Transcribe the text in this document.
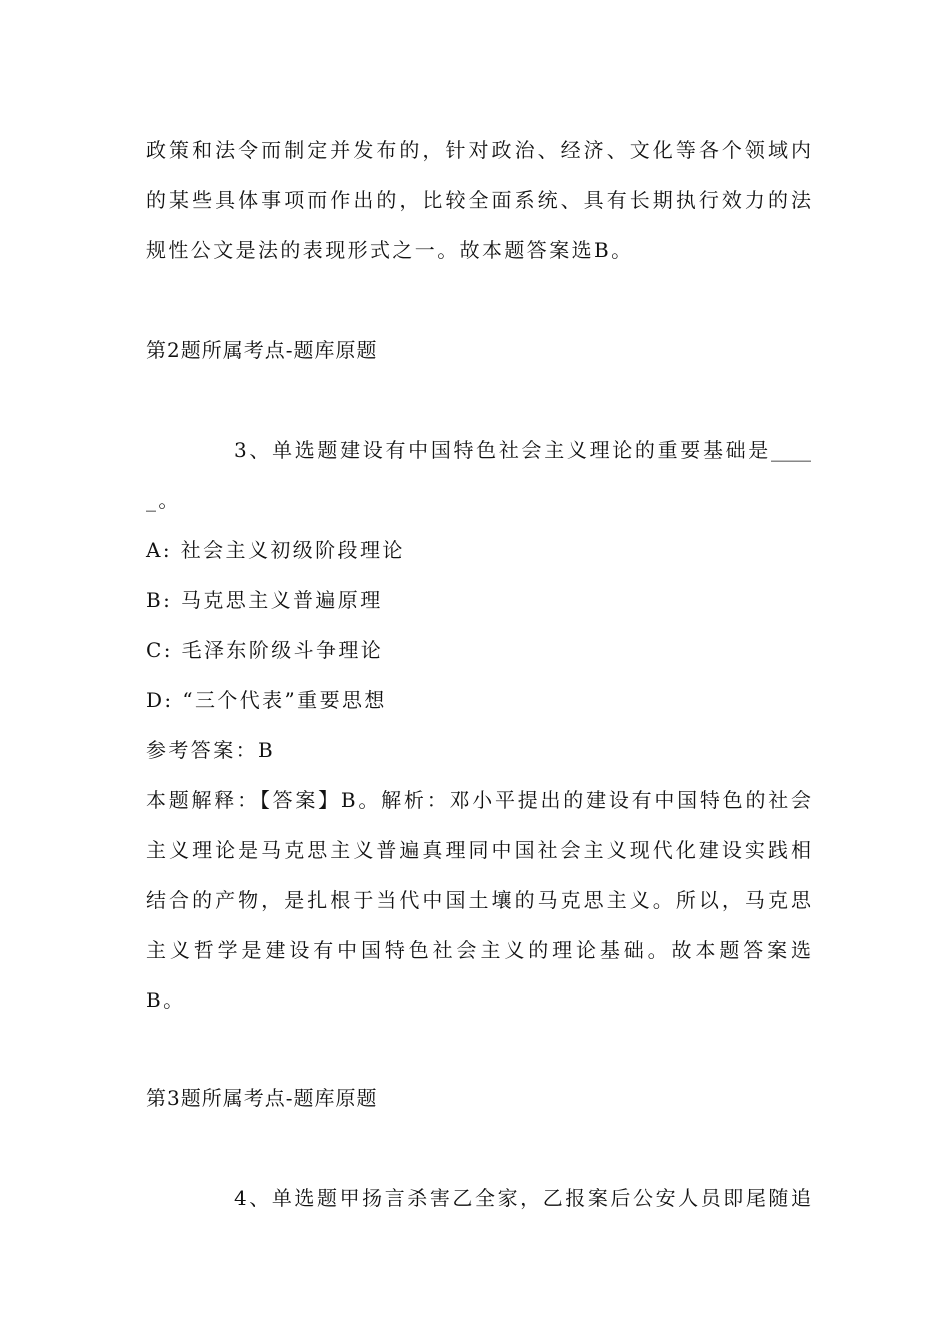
政策和法令而制定并发布的，针对政治、经济、文化等各个领域内
的某些具体事项而作出的，比较全面系统、具有长期执行效力的法
规性公文是法的表现形式之一。故本题答案选B。
第2题所属考点-题库原题
3、单选题建设有中国特色社会主义理论的重要基础是____
_。
A: 社会主义初级阶段理论
B: 马克思主义普遍原理
C: 毛泽东阶级斗争理论
D: “三个代表”重要思想
参考答案：B
本题解释：【答案】B。解析：邓小平提出的建设有中国特色的社会
主义理论是马克思主义普遍真理同中国社会主义现代化建设实践相
结合的产物，是扎根于当代中国土壤的马克思主义。所以，马克思
主义哲学是建设有中国特色社会主义的理论基础。故本题答案选
B。
第3题所属考点-题库原题
4、单选题甲扬言杀害乙全家，乙报案后公安人员即尾随追
